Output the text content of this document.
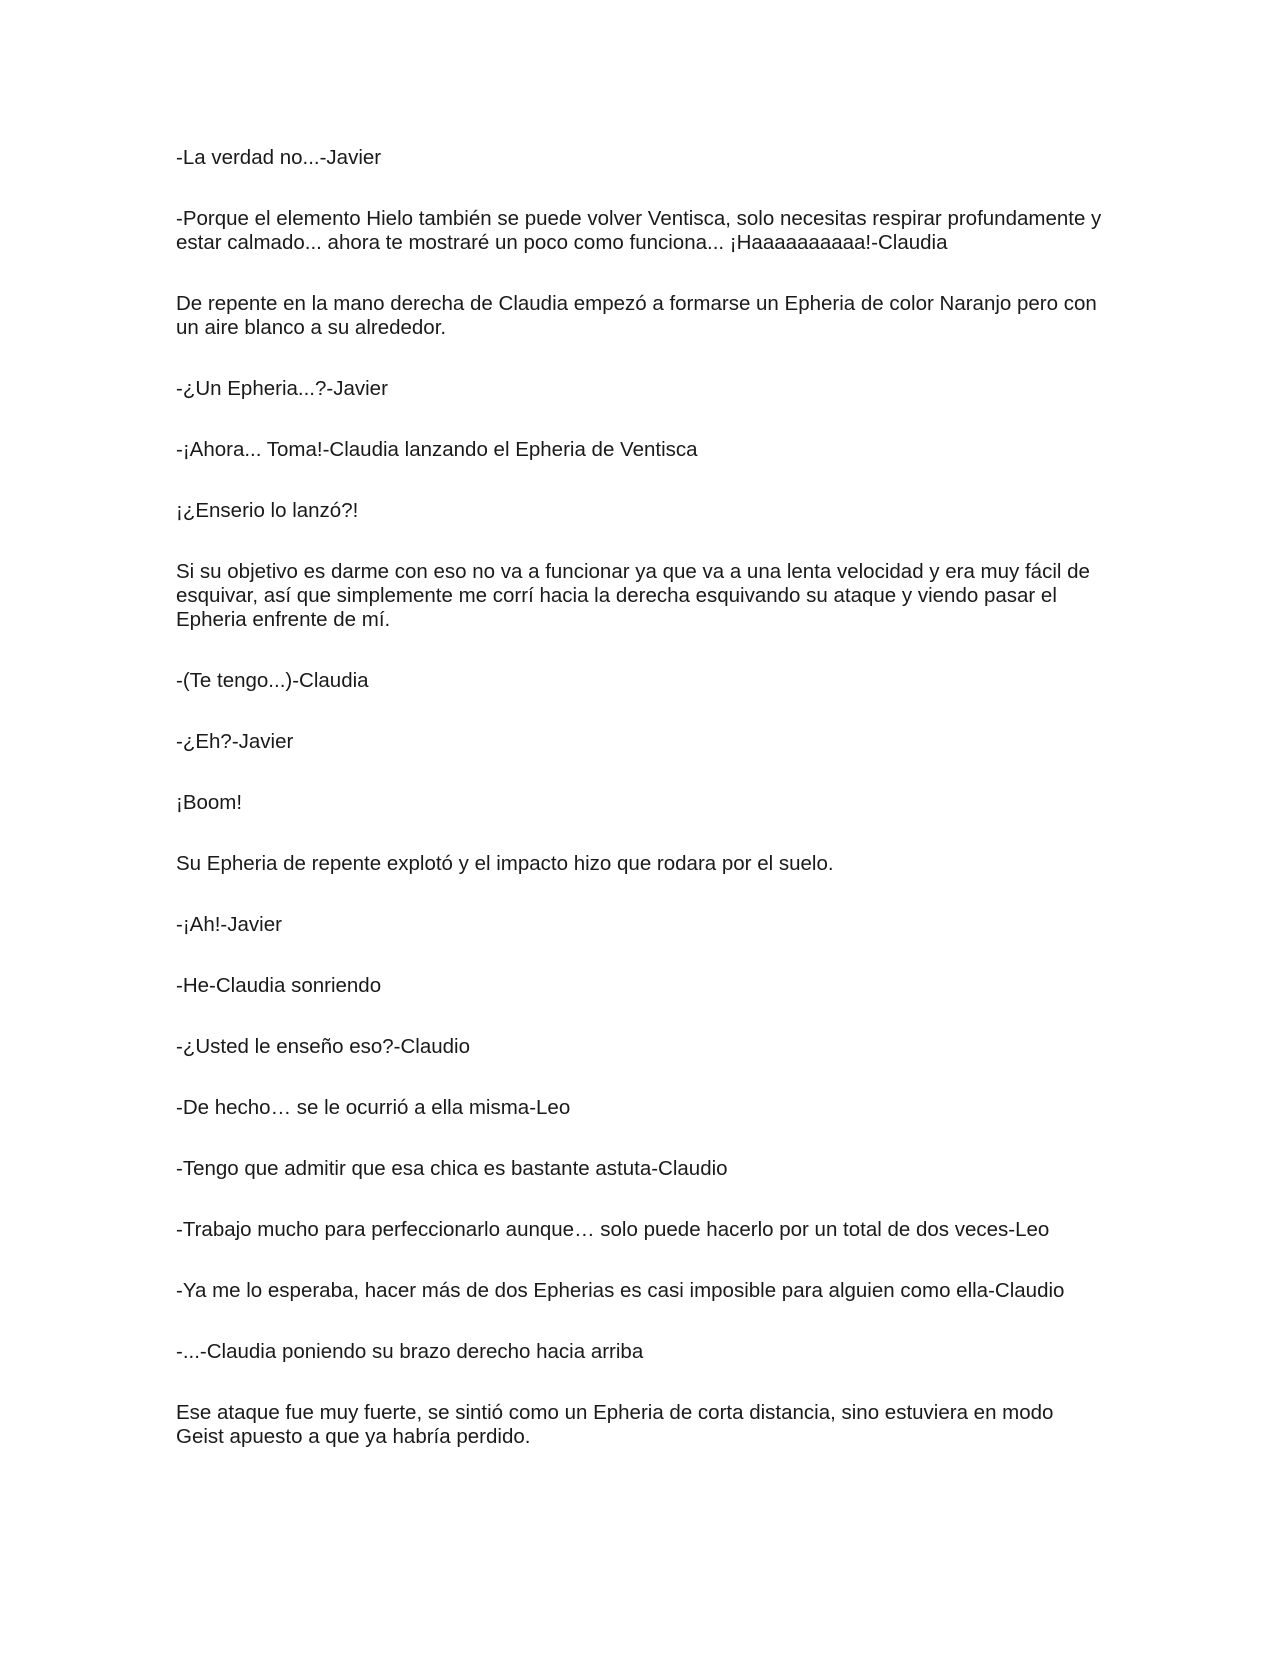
-La verdad no...-Javier

-Porque el elemento Hielo también se puede volver Ventisca, solo necesitas respirar profundamente y estar calmado... ahora te mostraré un poco como funciona... ¡Haaaaaaaaaa!-Claudia

De repente en la mano derecha de Claudia empezó a formarse un Epheria de color Naranjo pero con un aire blanco a su alrededor.

-¿Un Epheria...?-Javier

-¡Ahora... Toma!-Claudia lanzando el Epheria de Ventisca

¡¿Enserio lo lanzó?!

Si su objetivo es darme con eso no va a funcionar ya que va a una lenta velocidad y era muy fácil de esquivar, así que simplemente me corrí hacia la derecha esquivando su ataque y viendo pasar el Epheria enfrente de mí.

-(Te tengo...)-Claudia

-¿Eh?-Javier

¡Boom!

Su Epheria de repente explotó y el impacto hizo que rodara por el suelo.

-¡Ah!-Javier

-He-Claudia sonriendo

-¿Usted le enseño eso?-Claudio

-De hecho… se le ocurrió a ella misma-Leo

-Tengo que admitir que esa chica es bastante astuta-Claudio

-Trabajo mucho para perfeccionarlo aunque… solo puede hacerlo por un total de dos veces-Leo

-Ya me lo esperaba, hacer más de dos Epherias es casi imposible para alguien como ella-Claudio

-...-Claudia poniendo su brazo derecho hacia arriba

Ese ataque fue muy fuerte, se sintió como un Epheria de corta distancia, sino estuviera en modo Geist apuesto a que ya habría perdido.
